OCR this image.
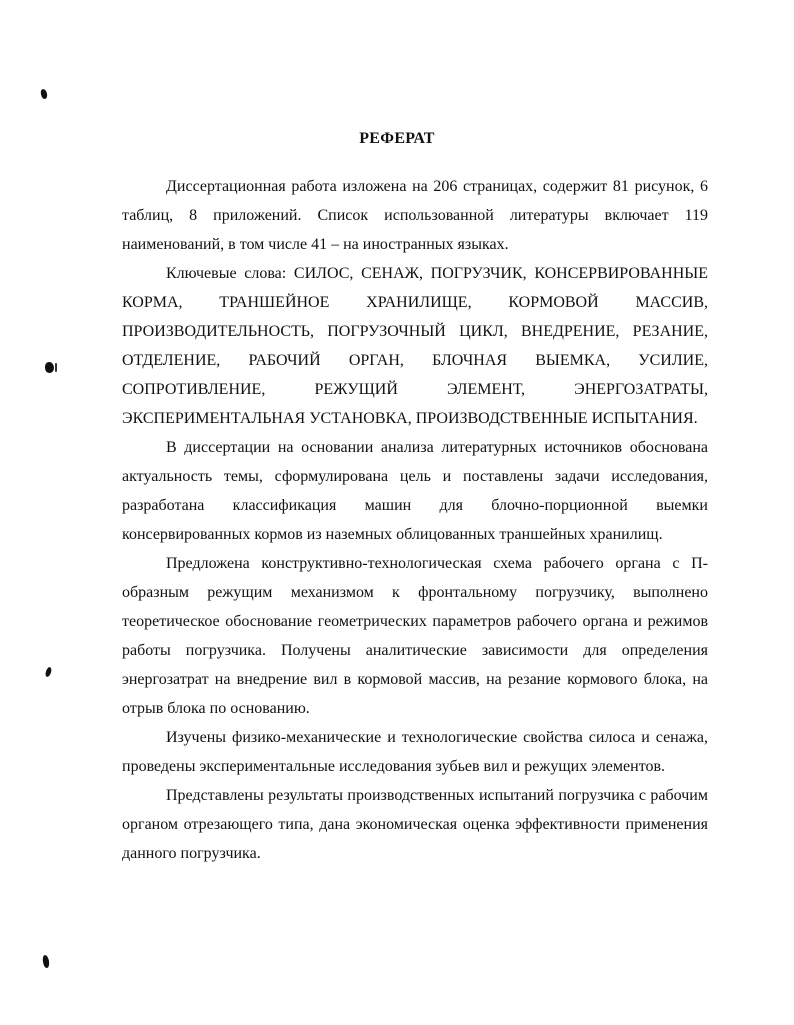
РЕФЕРАТ

Диссертационная работа изложена на 206 страницах, содержит 81 рисунок, 6 таблиц, 8 приложений. Список использованной литературы включает 119 наименований, в том числе 41 – на иностранных языках.

Ключевые слова: СИЛОС, СЕНАЖ, ПОГРУЗЧИК, КОНСЕРВИРОВАННЫЕ КОРМА, ТРАНШЕЙНОЕ ХРАНИЛИЩЕ, КОРМОВОЙ МАССИВ, ПРОИЗВОДИТЕЛЬНОСТЬ, ПОГРУЗОЧНЫЙ ЦИКЛ, ВНЕДРЕНИЕ, РЕЗАНИЕ, ОТДЕЛЕНИЕ, РАБОЧИЙ ОРГАН, БЛОЧНАЯ ВЫЕМКА, УСИЛИЕ, СОПРОТИВЛЕНИЕ, РЕЖУЩИЙ ЭЛЕМЕНТ, ЭНЕРГОЗАТРАТЫ, ЭКСПЕРИМЕНТАЛЬНАЯ УСТАНОВКА, ПРОИЗВОДСТВЕННЫЕ ИСПЫТАНИЯ.

В диссертации на основании анализа литературных источников обоснована актуальность темы, сформулирована цель и поставлены задачи исследования, разработана классификация машин для блочно-порционной выемки консервированных кормов из наземных облицованных траншейных хранилищ.

Предложена конструктивно-технологическая схема рабочего органа с П-образным режущим механизмом к фронтальному погрузчику, выполнено теоретическое обоснование геометрических параметров рабочего органа и режимов работы погрузчика. Получены аналитические зависимости для определения энергозатрат на внедрение вил в кормовой массив, на резание кормового блока, на отрыв блока по основанию.

Изучены физико-механические и технологические свойства силоса и сенажа, проведены экспериментальные исследования зубьев вил и режущих элементов.

Представлены результаты производственных испытаний погрузчика с рабочим органом отрезающего типа, дана экономическая оценка эффективности применения данного погрузчика.
